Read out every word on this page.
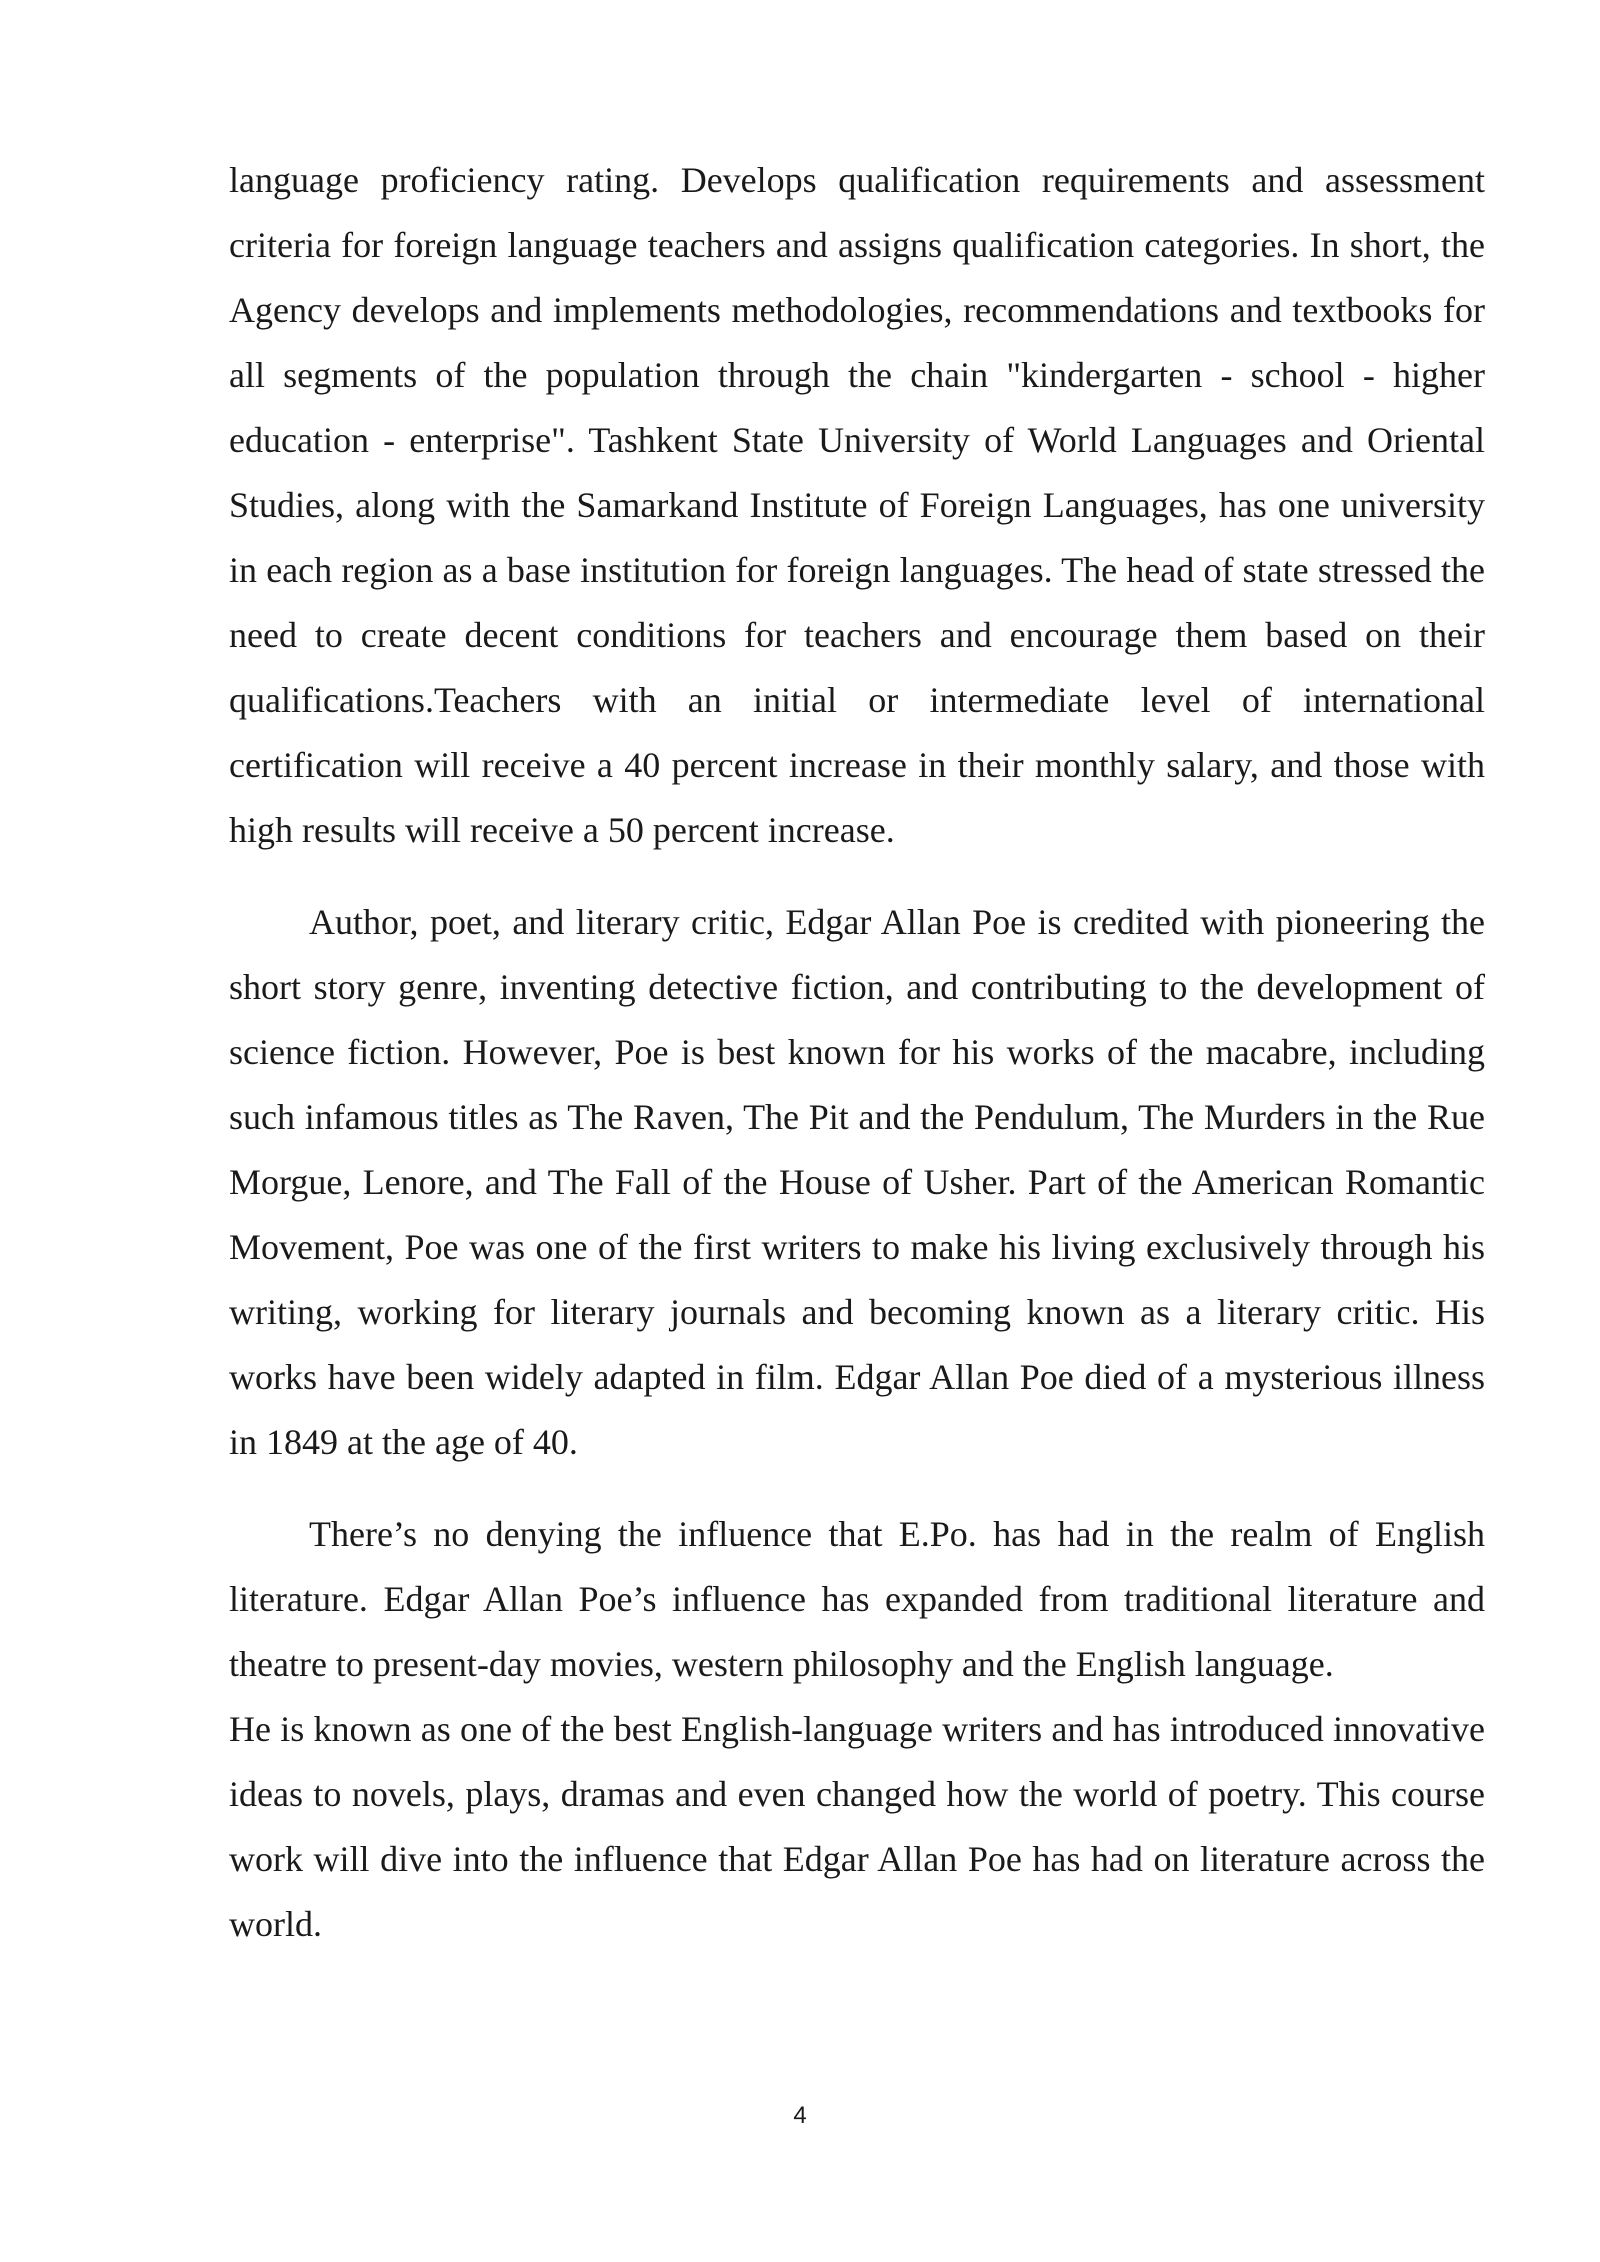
language proficiency rating. Develops qualification requirements and assessment criteria for foreign language teachers and assigns qualification categories. In short, the Agency develops and implements methodologies, recommendations and textbooks for all segments of the population through the chain "kindergarten - school - higher education - enterprise". Tashkent State University of World Languages and Oriental Studies, along with the Samarkand Institute of Foreign Languages, has one university in each region as a base institution for foreign languages. The head of state stressed the need to create decent conditions for teachers and encourage them based on their qualifications.Teachers with an initial or intermediate level of international certification will receive a 40 percent increase in their monthly salary, and those with high results will receive a 50 percent increase.

Author, poet, and literary critic, Edgar Allan Poe is credited with pioneering the short story genre, inventing detective fiction, and contributing to the development of science fiction. However, Poe is best known for his works of the macabre, including such infamous titles as The Raven, The Pit and the Pendulum, The Murders in the Rue Morgue, Lenore, and The Fall of the House of Usher. Part of the American Romantic Movement, Poe was one of the first writers to make his living exclusively through his writing, working for literary journals and becoming known as a literary critic. His works have been widely adapted in film. Edgar Allan Poe died of a mysterious illness in 1849 at the age of 40.

There’s no denying the influence that E.Po. has had in the realm of English literature. Edgar Allan Poe’s influence has expanded from traditional literature and theatre to present-day movies, western philosophy and the English language.

He is known as one of the best English-language writers and has introduced innovative ideas to novels, plays, dramas and even changed how the world of poetry. This course work will dive into the influence that Edgar Allan Poe has had on literature across the world.

4
